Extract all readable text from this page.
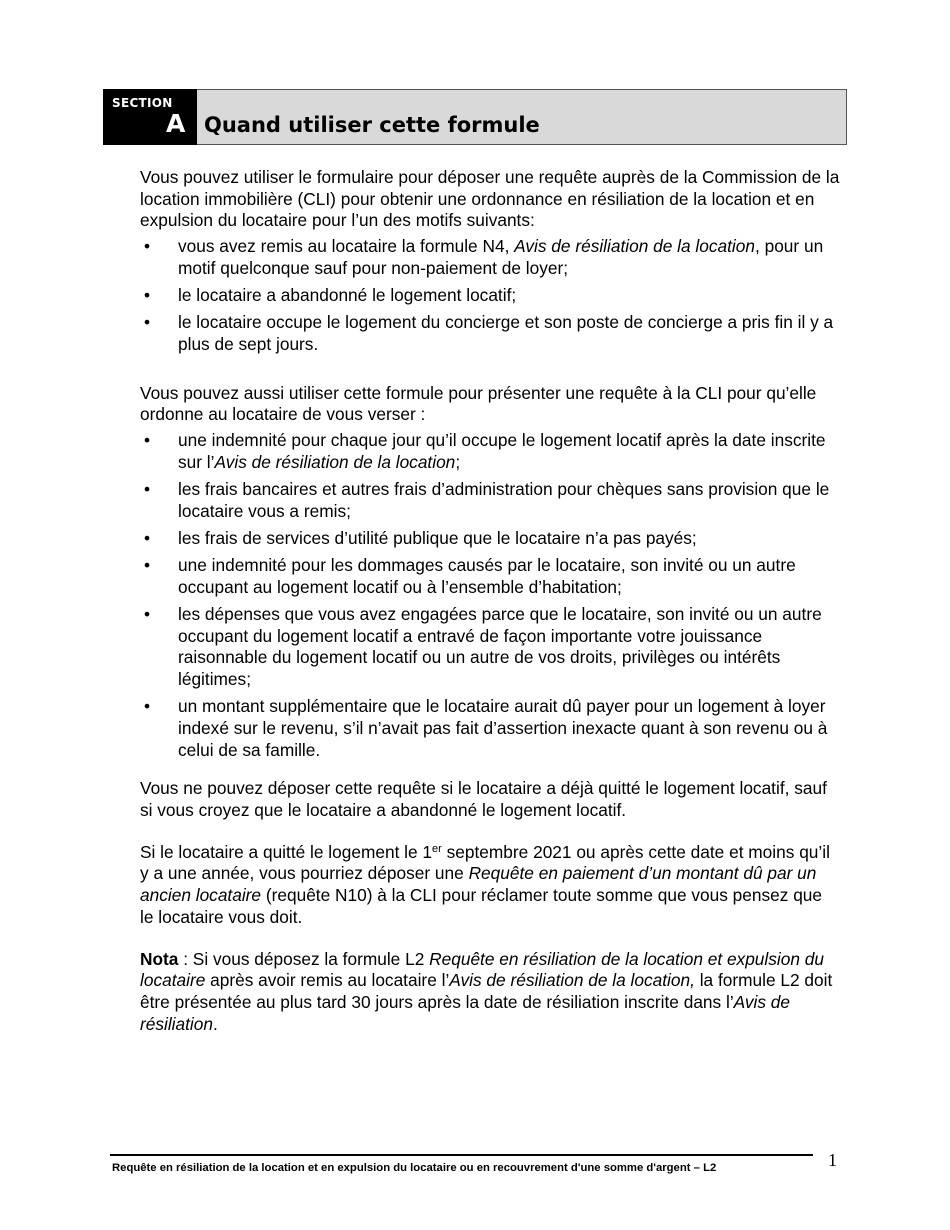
SECTION
A Quand utiliser cette formule

Vous pouvez utiliser le formulaire pour déposer une requête auprès de la Commission de la location immobilière (CLI) pour obtenir une ordonnance en résiliation de la location et en expulsion du locataire pour l’un des motifs suivants:

• vous avez remis au locataire la formule N4, Avis de résiliation de la location, pour un motif quelconque sauf pour non-paiement de loyer;
• le locataire a abandonné le logement locatif;
• le locataire occupe le logement du concierge et son poste de concierge a pris fin il y a plus de sept jours.

Vous pouvez aussi utiliser cette formule pour présenter une requête à la CLI pour qu’elle ordonne au locataire de vous verser :

• une indemnité pour chaque jour qu’il occupe le logement locatif après la date inscrite sur l’Avis de résiliation de la location;
• les frais bancaires et autres frais d’administration pour chèques sans provision que le locataire vous a remis;
• les frais de services d’utilité publique que le locataire n’a pas payés;
• une indemnité pour les dommages causés par le locataire, son invité ou un autre occupant au logement locatif ou à l’ensemble d’habitation;
• les dépenses que vous avez engagées parce que le locataire, son invité ou un autre occupant du logement locatif a entravé de façon importante votre jouissance raisonnable du logement locatif ou un autre de vos droits, privilèges ou intérêts légitimes;
• un montant supplémentaire que le locataire aurait dû payer pour un logement à loyer indexé sur le revenu, s’il n’avait pas fait d’assertion inexacte quant à son revenu ou à celui de sa famille.

Vous ne pouvez déposer cette requête si le locataire a déjà quitté le logement locatif, sauf si vous croyez que le locataire a abandonné le logement locatif.

Si le locataire a quitté le logement le 1er septembre 2021 ou après cette date et moins qu’il y a une année, vous pourriez déposer une Requête en paiement d’un montant dû par un ancien locataire (requête N10) à la CLI pour réclamer toute somme que vous pensez que le locataire vous doit.

Nota : Si vous déposez la formule L2 Requête en résiliation de la location et expulsion du locataire après avoir remis au locataire l’Avis de résiliation de la location, la formule L2 doit être présentée au plus tard 30 jours après la date de résiliation inscrite dans l’Avis de résiliation.

Requête en résiliation de la location et en expulsion du locataire ou en recouvrement d'une somme d'argent – L2	1
